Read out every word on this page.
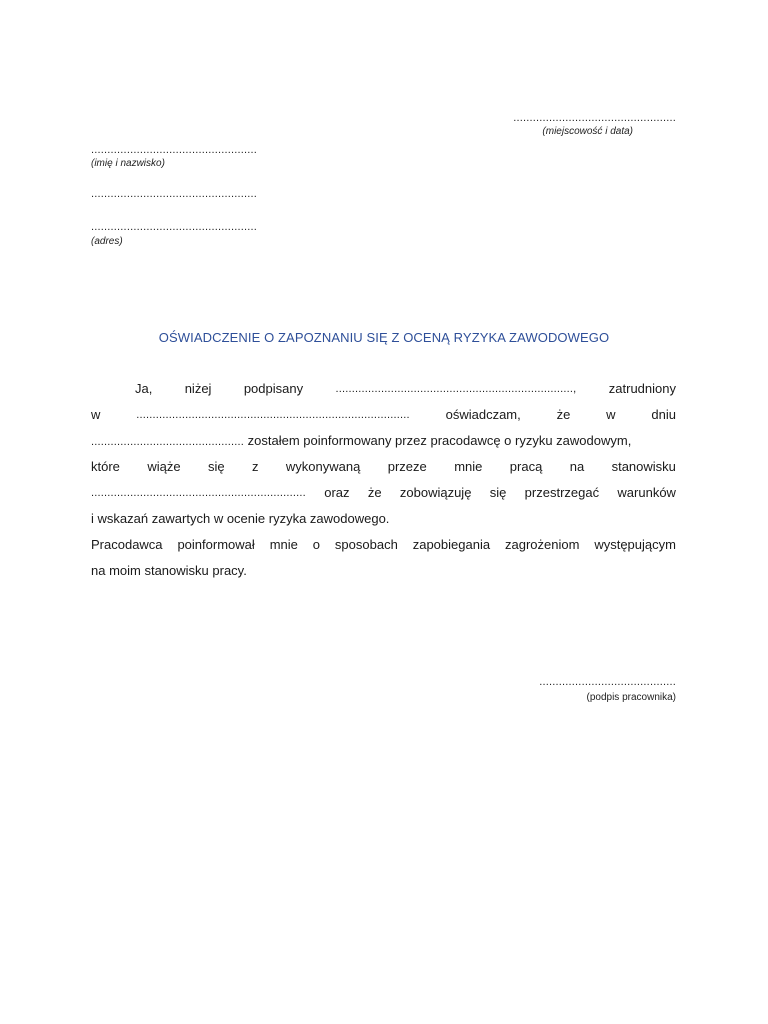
..................................................
(miejscowość i data)
...................................................
(imię i nazwisko)
...................................................
...................................................
(adres)
OŚWIADCZENIE O ZAPOZNANIU SIĘ Z OCENĄ RYZYKA ZAWODOWEGO
Ja, niżej podpisany	........................................................................., zatrudniony
w	....................................................................................	oświadczam,	że	w	dniu
............................................... zostałem poinformowany przez pracodawcę o ryzyku zawodowym,
które wiąże się z wykonywaną przeze mnie pracą na stanowisku
.................................................................. oraz że zobowiązuję się przestrzegać warunków
i wskazań zawartych w ocenie ryzyka zawodowego.
Pracodawca poinformował mnie o sposobach zapobiegania zagrożeniom występującym
na moim stanowisku pracy.
..........................................
(podpis pracownika)
